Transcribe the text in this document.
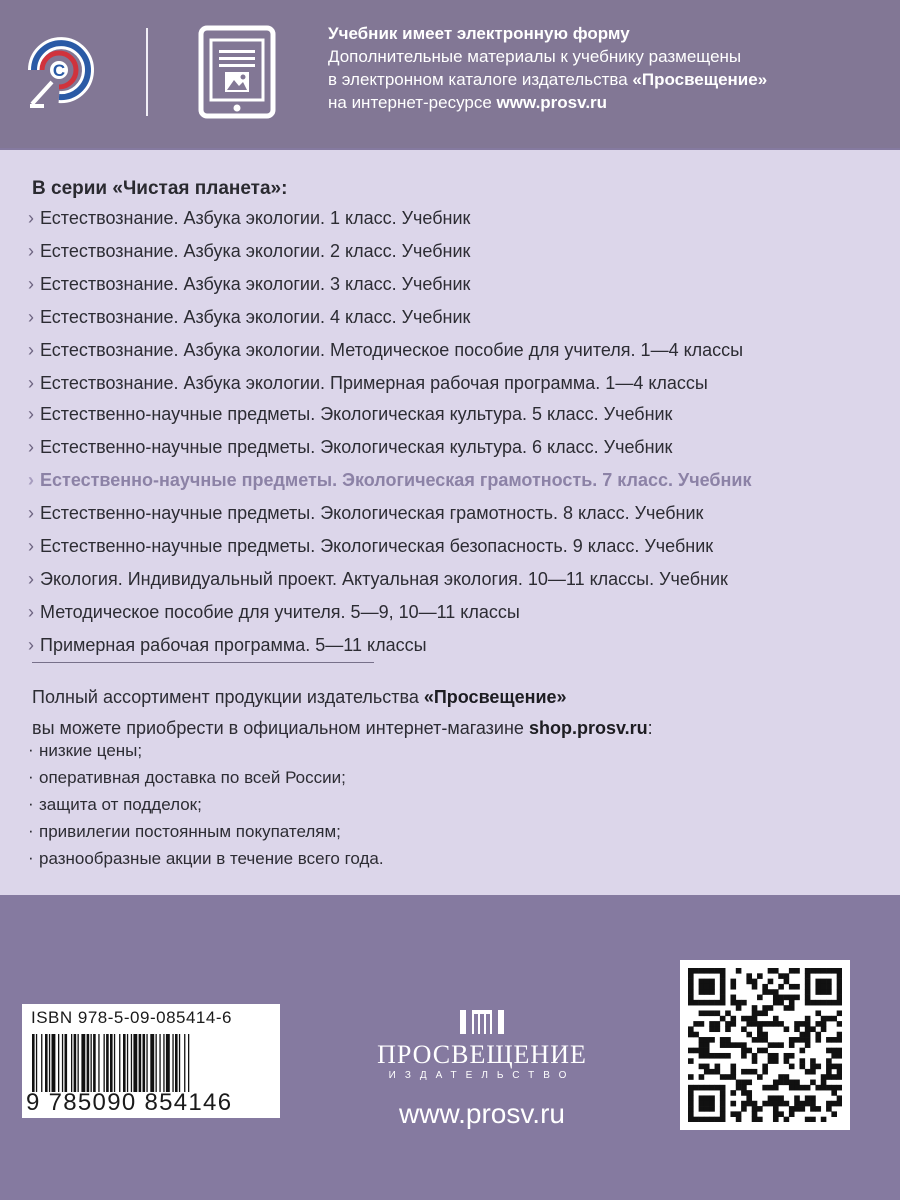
С
Учебник имеет электронную форму
Дополнительные материалы к учебнику размещены
в электронном каталоге издательства «Просвещение»
на интернет-ресурсе www.prosv.ru
В серии «Чистая планета»:
› Естествознание. Азбука экологии. 1 класс. Учебник
› Естествознание. Азбука экологии. 2 класс. Учебник
› Естествознание. Азбука экологии. 3 класс. Учебник
› Естествознание. Азбука экологии. 4 класс. Учебник
› Естествознание. Азбука экологии. Методическое пособие для учителя. 1—4 классы
› Естествознание. Азбука экологии. Примерная рабочая программа. 1—4 классы
› Естественно-научные предметы. Экологическая культура. 5 класс. Учебник
› Естественно-научные предметы. Экологическая культура. 6 класс. Учебник
› Естественно-научные предметы. Экологическая грамотность. 7 класс. Учебник
› Естественно-научные предметы. Экологическая грамотность. 8 класс. Учебник
› Естественно-научные предметы. Экологическая безопасность. 9 класс. Учебник
› Экология. Индивидуальный проект. Актуальная экология. 10—11 классы. Учебник
› Методическое пособие для учителя. 5—9, 10—11 классы
› Примерная рабочая программа. 5—11 классы
Полный ассортимент продукции издательства «Просвещение»
вы можете приобрести в официальном интернет-магазине shop.prosv.ru:
· низкие цены;
· оперативная доставка по всей России;
· защита от подделок;
· привилегии постоянным покупателям;
· разнообразные акции в течение всего года.
ISBN 978-5-09-085414-6
9 785090 854146
ПРОСВЕЩЕНИЕ
ИЗДАТЕЛЬСТВО
www.prosv.ru
